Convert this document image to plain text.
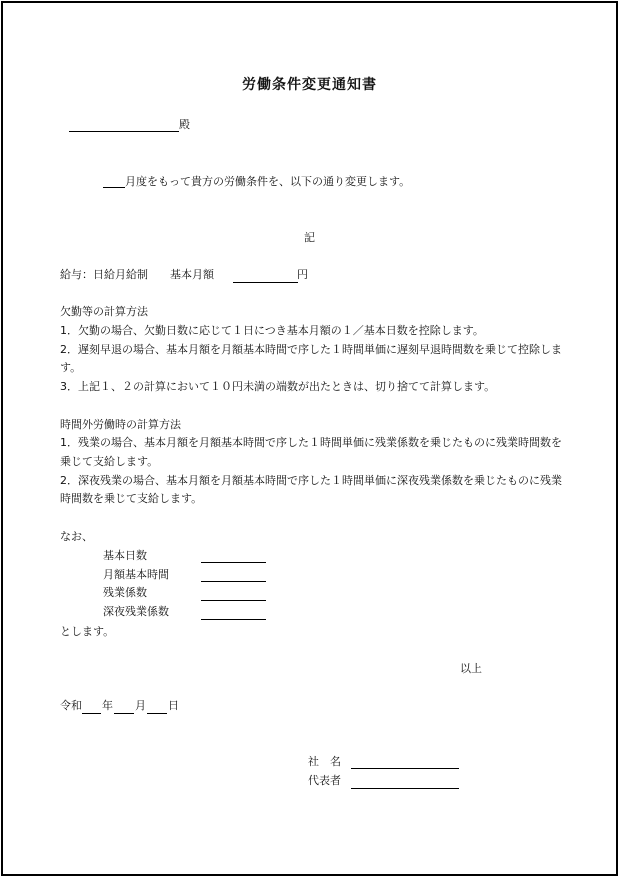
労働条件変更通知書
殿
月度をもって貴方の労働条件を、以下の通り変更します。
記
給与：日給月給制　　基本月額	円
欠勤等の計算方法
1．欠勤の場合、欠勤日数に応じて１日につき基本月額の１／基本日数を控除します。
2．遅刻早退の場合、基本月額を月額基本時間で序した１時間単価に遅刻早退時間数を乗じて控除しま
す。
3．上記１、２の計算において１０円未満の端数が出たときは、切り捨てて計算します。
時間外労働時の計算方法
1．残業の場合、基本月額を月額基本時間で序した１時間単価に残業係数を乗じたものに残業時間数を
乗じて支給します。
2．深夜残業の場合、基本月額を月額基本時間で序した１時間単価に深夜残業係数を乗じたものに残業
時間数を乗じて支給します。
なお、
基本日数
月額基本時間
残業係数
深夜残業係数
とします。
以上
令和 年 月 日
社　名
代表者
